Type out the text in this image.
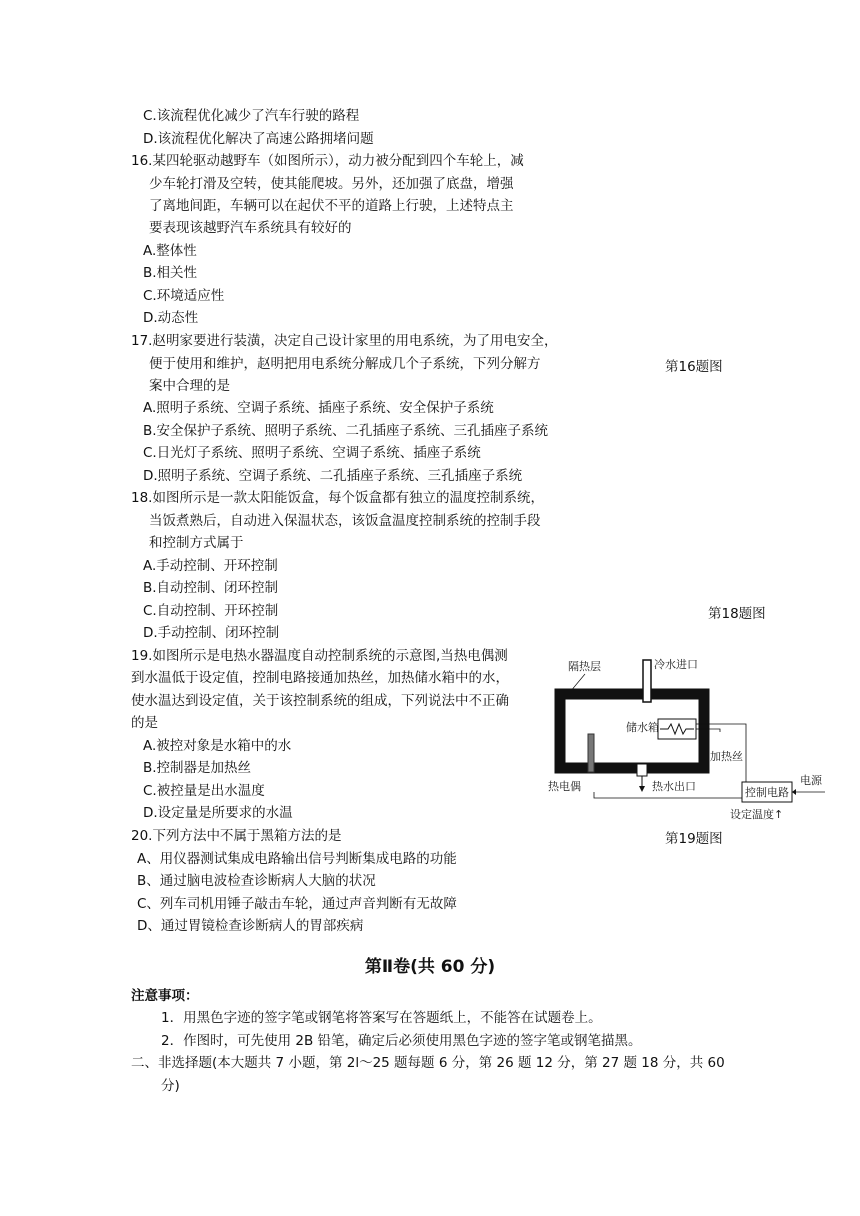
C.该流程优化减少了汽车行驶的路程
D.该流程优化解决了高速公路拥堵问题
16.某四轮驱动越野车（如图所示），动力被分配到四个车轮上，减
少车轮打滑及空转，使其能爬坡。另外，还加强了底盘，增强
了离地间距，车辆可以在起伏不平的道路上行驶，上述特点主
要表现该越野汽车系统具有较好的
A.整体性
B.相关性
C.环境适应性
D.动态性
第16题图
17.赵明家要进行装潢，决定自己设计家里的用电系统，为了用电安全，
便于使用和维护，赵明把用电系统分解成几个子系统，下列分解方
案中合理的是
A.照明子系统、空调子系统、插座子系统、安全保护子系统
B.安全保护子系统、照明子系统、二孔插座子系统、三孔插座子系统
C.日光灯子系统、照明子系统、空调子系统、插座子系统
D.照明子系统、空调子系统、二孔插座子系统、三孔插座子系统
18.如图所示是一款太阳能饭盒，每个饭盒都有独立的温度控制系统，
当饭煮熟后，自动进入保温状态，该饭盒温度控制系统的控制手段
和控制方式属于
A.手动控制、开环控制
B.自动控制、闭环控制
C.自动控制、开环控制
D.手动控制、闭环控制
第18题图
19.如图所示是电热水器温度自动控制系统的示意图,当热电偶测
到水温低于设定值，控制电路接通加热丝，加热储水箱中的水，
使水温达到设定值，关于该控制系统的组成，下列说法中不正确
的是
A.被控对象是水箱中的水
B.控制器是加热丝
C.被控量是出水温度
D.设定量是所要求的水温
第19题图
隔热层	冷水进口
储水箱
加热丝
热电偶	热水出口	控制电路
电源
设定温度↑
20.下列方法中不属于黑箱方法的是
A、用仪器测试集成电路输出信号判断集成电路的功能
B、通过脑电波检查诊断病人大脑的状况
C、列车司机用锤子敲击车轮，通过声音判断有无故障
D、通过胃镜检查诊断病人的胃部疾病
第Ⅱ卷(共 60 分)
注意事项：
1．用黑色字迹的签字笔或钢笔将答案写在答题纸上，不能答在试题卷上。
2．作图时，可先使用 2B 铅笔，确定后必须使用黑色字迹的签字笔或钢笔描黑。
二、非选择题(本大题共 7 小题，第 2l～25 题每题 6 分，第 26 题 12 分，第 27 题 18 分，共 60
分)
